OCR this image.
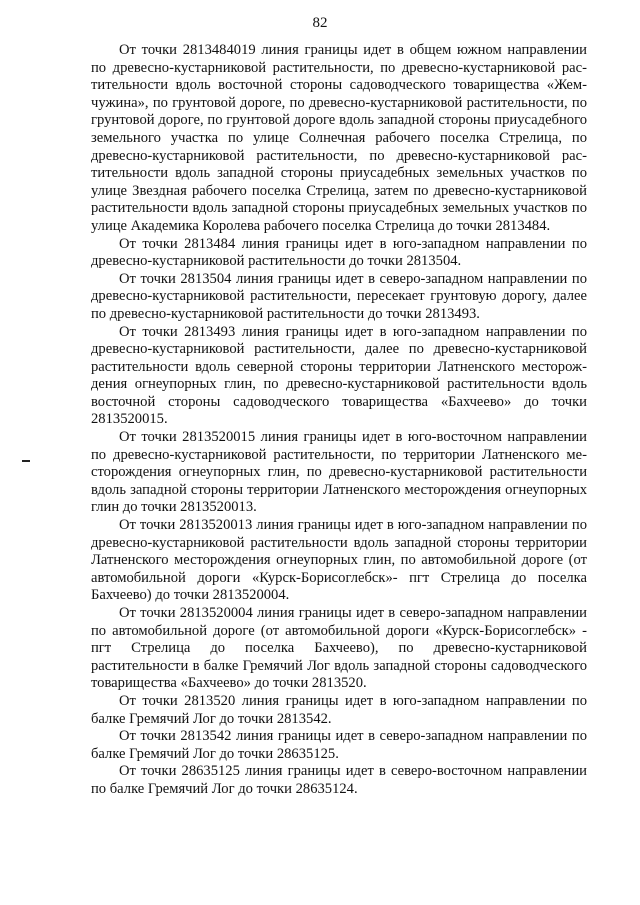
82

От точки 2813484019 линия границы идет в общем южном направлении по древесно-кустарниковой растительности, по древесно-кустарниковой растительности вдоль восточной стороны садоводческого товарищества «Жемчужина», по грунтовой дороге, по древесно-кустарниковой растительности, по грунтовой дороге, по грунтовой дороге вдоль западной стороны приусадебного земельного участка по улице Солнечная рабочего поселка Стрелица, по древесно-кустарниковой растительности, по древесно-кустарниковой растительности вдоль западной стороны приусадебных земельных участков по улице Звездная рабочего поселка Стрелица, затем по древесно-кустарниковой растительности вдоль западной стороны приусадебных земельных участков по улице Академика Королева рабочего поселка Стрелица до точки 2813484.

От точки 2813484 линия границы идет в юго-западном направлении по древесно-кустарниковой растительности до точки 2813504.

От точки 2813504 линия границы идет в северо-западном направлении по древесно-кустарниковой растительности, пересекает грунтовую дорогу, далее по древесно-кустарниковой растительности до точки 2813493.

От точки 2813493 линия границы идет в юго-западном направлении по древесно-кустарниковой растительности, далее по древесно-кустарниковой растительности вдоль северной стороны территории Латненского месторождения огнеупорных глин, по древесно-кустарниковой растительности вдоль восточной стороны садоводческого товарищества «Бахчеево» до точки 2813520015.

От точки 2813520015 линия границы идет в юго-восточном направлении по древесно-кустарниковой растительности, по территории Латненского месторождения огнеупорных глин, по древесно-кустарниковой растительности вдоль западной стороны территории Латненского месторождения огнеупорных глин до точки 2813520013.

От точки 2813520013 линия границы идет в юго-западном направлении по древесно-кустарниковой растительности вдоль западной стороны территории Латненского месторождения огнеупорных глин, по автомобильной дороге (от автомобильной дороги «Курск-Борисоглебск»- пгт Стрелица до поселка Бахчеево) до точки 2813520004.

От точки 2813520004 линия границы идет в северо-западном направлении по автомобильной дороге (от автомобильной дороги «Курск-Борисоглебск» - пгт Стрелица до поселка Бахчеево), по древесно-кустарниковой растительности в балке Гремячий Лог вдоль западной стороны садоводческого товарищества «Бахчеево» до точки 2813520.

От точки 2813520 линия границы идет в юго-западном направлении по балке Гремячий Лог до точки 2813542.

От точки 2813542 линия границы идет в северо-западном направлении по балке Гремячий Лог до точки 28635125.

От точки 28635125 линия границы идет в северо-восточном направлении по балке Гремячий Лог до точки 28635124.
